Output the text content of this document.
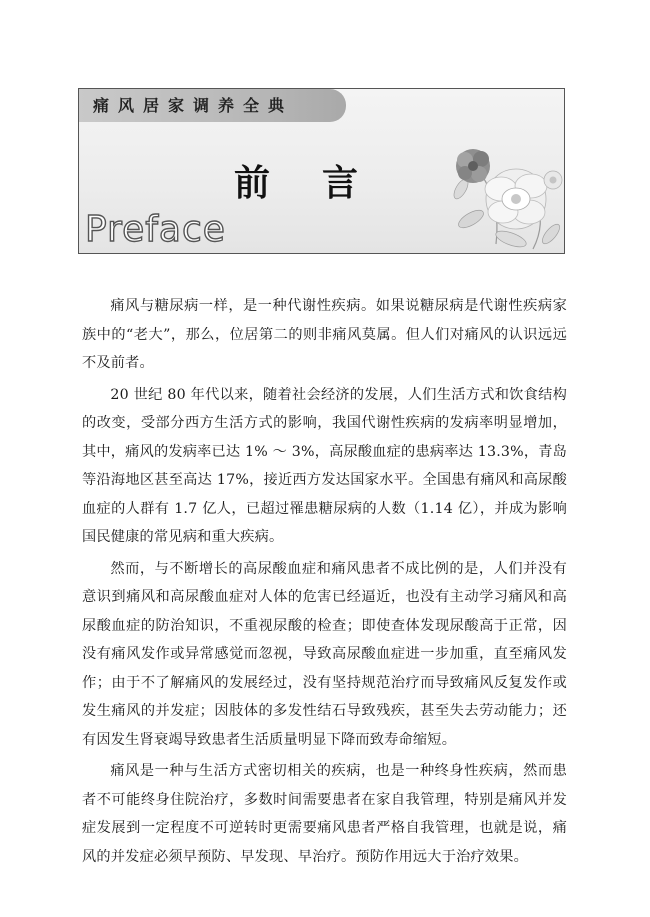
痛风居家调养全典
前言
Preface

痛风与糖尿病一样，是一种代谢性疾病。如果说糖尿病是代谢性疾病家族中的“老大”，那么，位居第二的则非痛风莫属。但人们对痛风的认识远远不及前者。

20 世纪 80 年代以来，随着社会经济的发展，人们生活方式和饮食结构的改变，受部分西方生活方式的影响，我国代谢性疾病的发病率明显增加，其中，痛风的发病率已达 1% ～ 3%，高尿酸血症的患病率达 13.3%，青岛等沿海地区甚至高达 17%，接近西方发达国家水平。全国患有痛风和高尿酸血症的人群有 1.7 亿人，已超过罹患糖尿病的人数（1.14 亿），并成为影响国民健康的常见病和重大疾病。

然而，与不断增长的高尿酸血症和痛风患者不成比例的是，人们并没有意识到痛风和高尿酸血症对人体的危害已经逼近，也没有主动学习痛风和高尿酸血症的防治知识，不重视尿酸的检查；即使查体发现尿酸高于正常，因没有痛风发作或异常感觉而忽视，导致高尿酸血症进一步加重，直至痛风发作；由于不了解痛风的发展经过，没有坚持规范治疗而导致痛风反复发作或发生痛风的并发症；因肢体的多发性结石导致残疾，甚至失去劳动能力；还有因发生肾衰竭导致患者生活质量明显下降而致寿命缩短。

痛风是一种与生活方式密切相关的疾病，也是一种终身性疾病，然而患者不可能终身住院治疗，多数时间需要患者在家自我管理，特别是痛风并发症发展到一定程度不可逆转时更需要痛风患者严格自我管理，也就是说，痛风的并发症必须早预防、早发现、早治疗。预防作用远大于治疗效果。
